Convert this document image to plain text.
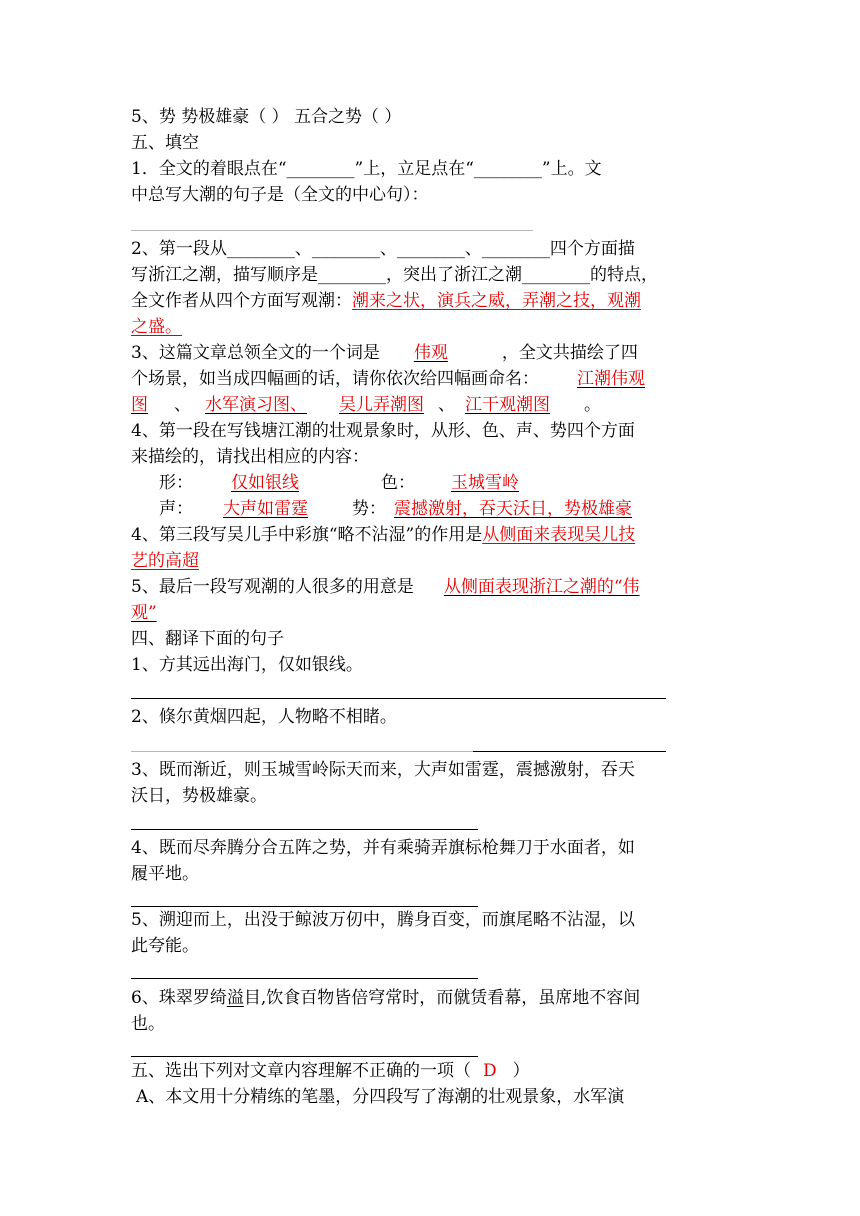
5、势 势极雄豪（ ） 五合之势（ ）
五、填空
1．全文的着眼点在“________”上，立足点在“________”上。文
中总写大潮的句子是（全文的中心句）：
2、第一段从________、________、________、________四个方面描
写浙江之潮，描写顺序是________，突出了浙江之潮________的特点，
全文作者从四个方面写观潮：潮来之状，演兵之威，弄潮之技，观潮
之盛。
3、这篇文章总领全文的一个词是 伟观	，全文共描绘了四
个场景，如当成四幅画的话，请你依次给四幅画命名： 江潮伟观
图 、 水军演习图、 吴儿弄潮图 、 江干观潮图 。
4、第一段在写钱塘江潮的壮观景象时，从形、色、声、势四个方面
来描绘的，请找出相应的内容：
形： 仅如银线	色： 玉城雪岭
声： 大声如雷霆	势： 震撼激射，吞天沃日，势极雄豪
4、第三段写吴儿手中彩旗“略不沾湿”的作用是从侧面来表现吴儿技
艺的高超
5、最后一段写观潮的人很多的用意是 从侧面表现浙江之潮的“伟
观”
四、翻译下面的句子
1、方其远出海门，仅如银线。
2、倏尔黄烟四起，人物略不相睹。
3、既而渐近，则玉城雪岭际天而来，大声如雷霆，震撼激射，吞天
沃日，势极雄豪。
4、既而尽奔腾分合五阵之势，并有乘骑弄旗标枪舞刀于水面者，如
履平地。
5、溯迎而上，出没于鲸波万仞中，腾身百变，而旗尾略不沾湿，以
此夸能。
6、珠翠罗绮溢目,饮食百物皆倍穹常时，而僦赁看幕，虽席地不容间
也。
五、选出下列对文章内容理解不正确的一项（ D ）
A、本文用十分精练的笔墨，分四段写了海潮的壮观景象，水军演
